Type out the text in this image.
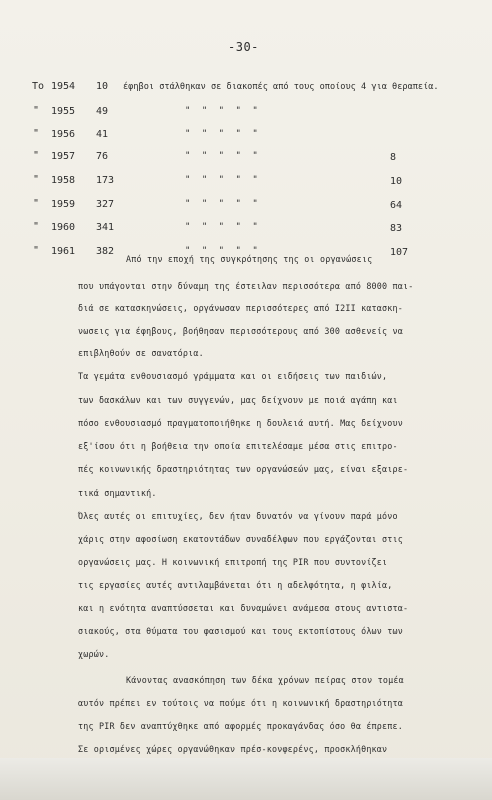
-30-
Το 1954 10 έφηβοι στάλθηκαν σε διακοπές από τους οποίους 4 για θεραπεία.
" 1955 49	" " " " "
" 1956 41	" " " " "
" 1957 76	" " " " "	8
" 1958 173	" " " " "	10
" 1959 327	" " " " "	64
" 1960 341	" " " " "	83
" 1961 382	" " " " "	107
Από την εποχή της συγκρότησης της οι οργανώσεις
που υπάγονται στην δύναμη της έστειλαν περισσότερα από 8000 παι-
διά σε κατασκηνώσεις, οργάνωσαν περισσότερες από I2II κατασκη-
νωσεις για έφηβους, βοήθησαν περισσότερους από 300 ασθενείς να
επιβληθούν σε σανατόρια.
Τα γεμάτα ενθουσιασμό γράμματα και οι ειδήσεις των παιδιών,
των δασκάλων και των συγγενών, μας δείχνουν με ποιά αγάπη και
πόσο ενθουσιασμό πραγματοποιήθηκε η δουλειά αυτή. Μας δείχνουν
εξ'ίσου ότι η βοήθεια την οποία επιτελέσαμε μέσα στις επιτρο-
πές κοινωνικής δραστηριότητας των οργανώσεών μας, είναι εξαιρε-
τικά σημαντική.
Όλες αυτές οι επιτυχίες, δεν ήταν δυνατόν να γίνουν παρά μόνο
χάρις στην αφοσίωση εκατοντάδων συναδέλφων που εργάζονται στις
οργανώσεις μας. Η κοινωνική επιτροπή της PIR που συντονίζει
τις εργασίες αυτές αντιλαμβάνεται ότι η αδελφότητα, η φιλία,
και η ενότητα αναπτύσσεται και δυναμώνει ανάμεσα στους αντιστα-
σιακούς, στα θύματα του φασισμού και τους εκτοπίστους όλων των
χωρών.
Κάνοντας ανασκόπηση των δέκα χρόνων πείρας στον τομέα
αυτόν πρέπει εν τούτοις να πούμε ότι η κοινωνική δραστηριότητα
της PIR δεν αναπτύχθηκε από αφορμές προκαγάνδας όσο θα έπρεπε.
Σε ορισμένες χώρες οργανώθηκαν πρέσ-κονφερένς, προσκλήθηκαν
